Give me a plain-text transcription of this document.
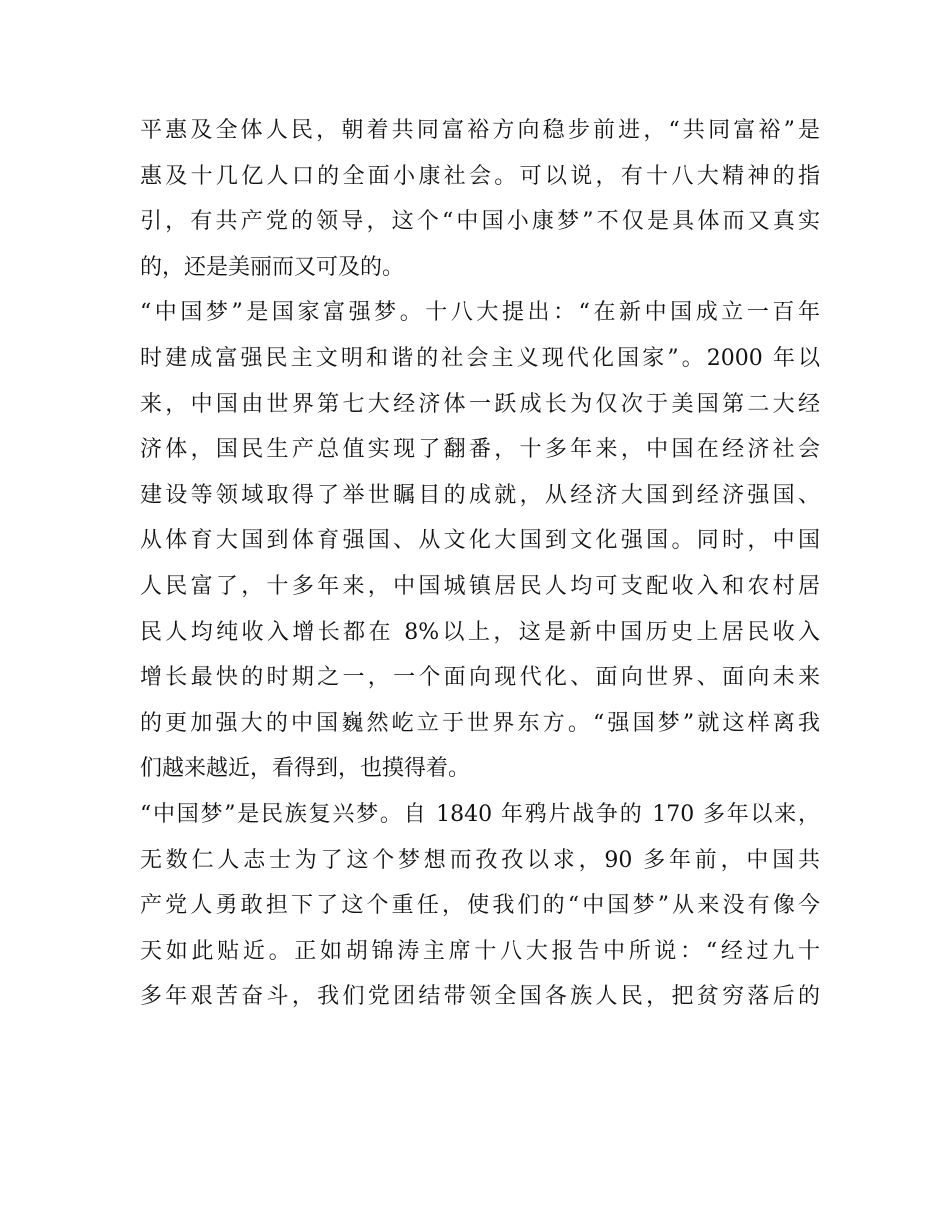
平惠及全体人民，朝着共同富裕方向稳步前进，“共同富裕”是
惠及十几亿人口的全面小康社会。可以说，有十八大精神的指
引，有共产党的领导，这个“中国小康梦”不仅是具体而又真实
的，还是美丽而又可及的。
“中国梦”是国家富强梦。十八大提出：“在新中国成立一百年
时建成富强民主文明和谐的社会主义现代化国家”。2000 年以
来，中国由世界第七大经济体一跃成长为仅次于美国第二大经
济体，国民生产总值实现了翻番，十多年来，中国在经济社会
建设等领域取得了举世瞩目的成就，从经济大国到经济强国、
从体育大国到体育强国、从文化大国到文化强国。同时，中国
人民富了，十多年来，中国城镇居民人均可支配收入和农村居
民人均纯收入增长都在 8%以上，这是新中国历史上居民收入
增长最快的时期之一，一个面向现代化、面向世界、面向未来
的更加强大的中国巍然屹立于世界东方。“强国梦”就这样离我
们越来越近，看得到，也摸得着。
“中国梦”是民族复兴梦。自 1840 年鸦片战争的 170 多年以来，
无数仁人志士为了这个梦想而孜孜以求，90 多年前，中国共
产党人勇敢担下了这个重任，使我们的“中国梦”从来没有像今
天如此贴近。正如胡锦涛主席十八大报告中所说：“经过九十
多年艰苦奋斗，我们党团结带领全国各族人民，把贫穷落后的
